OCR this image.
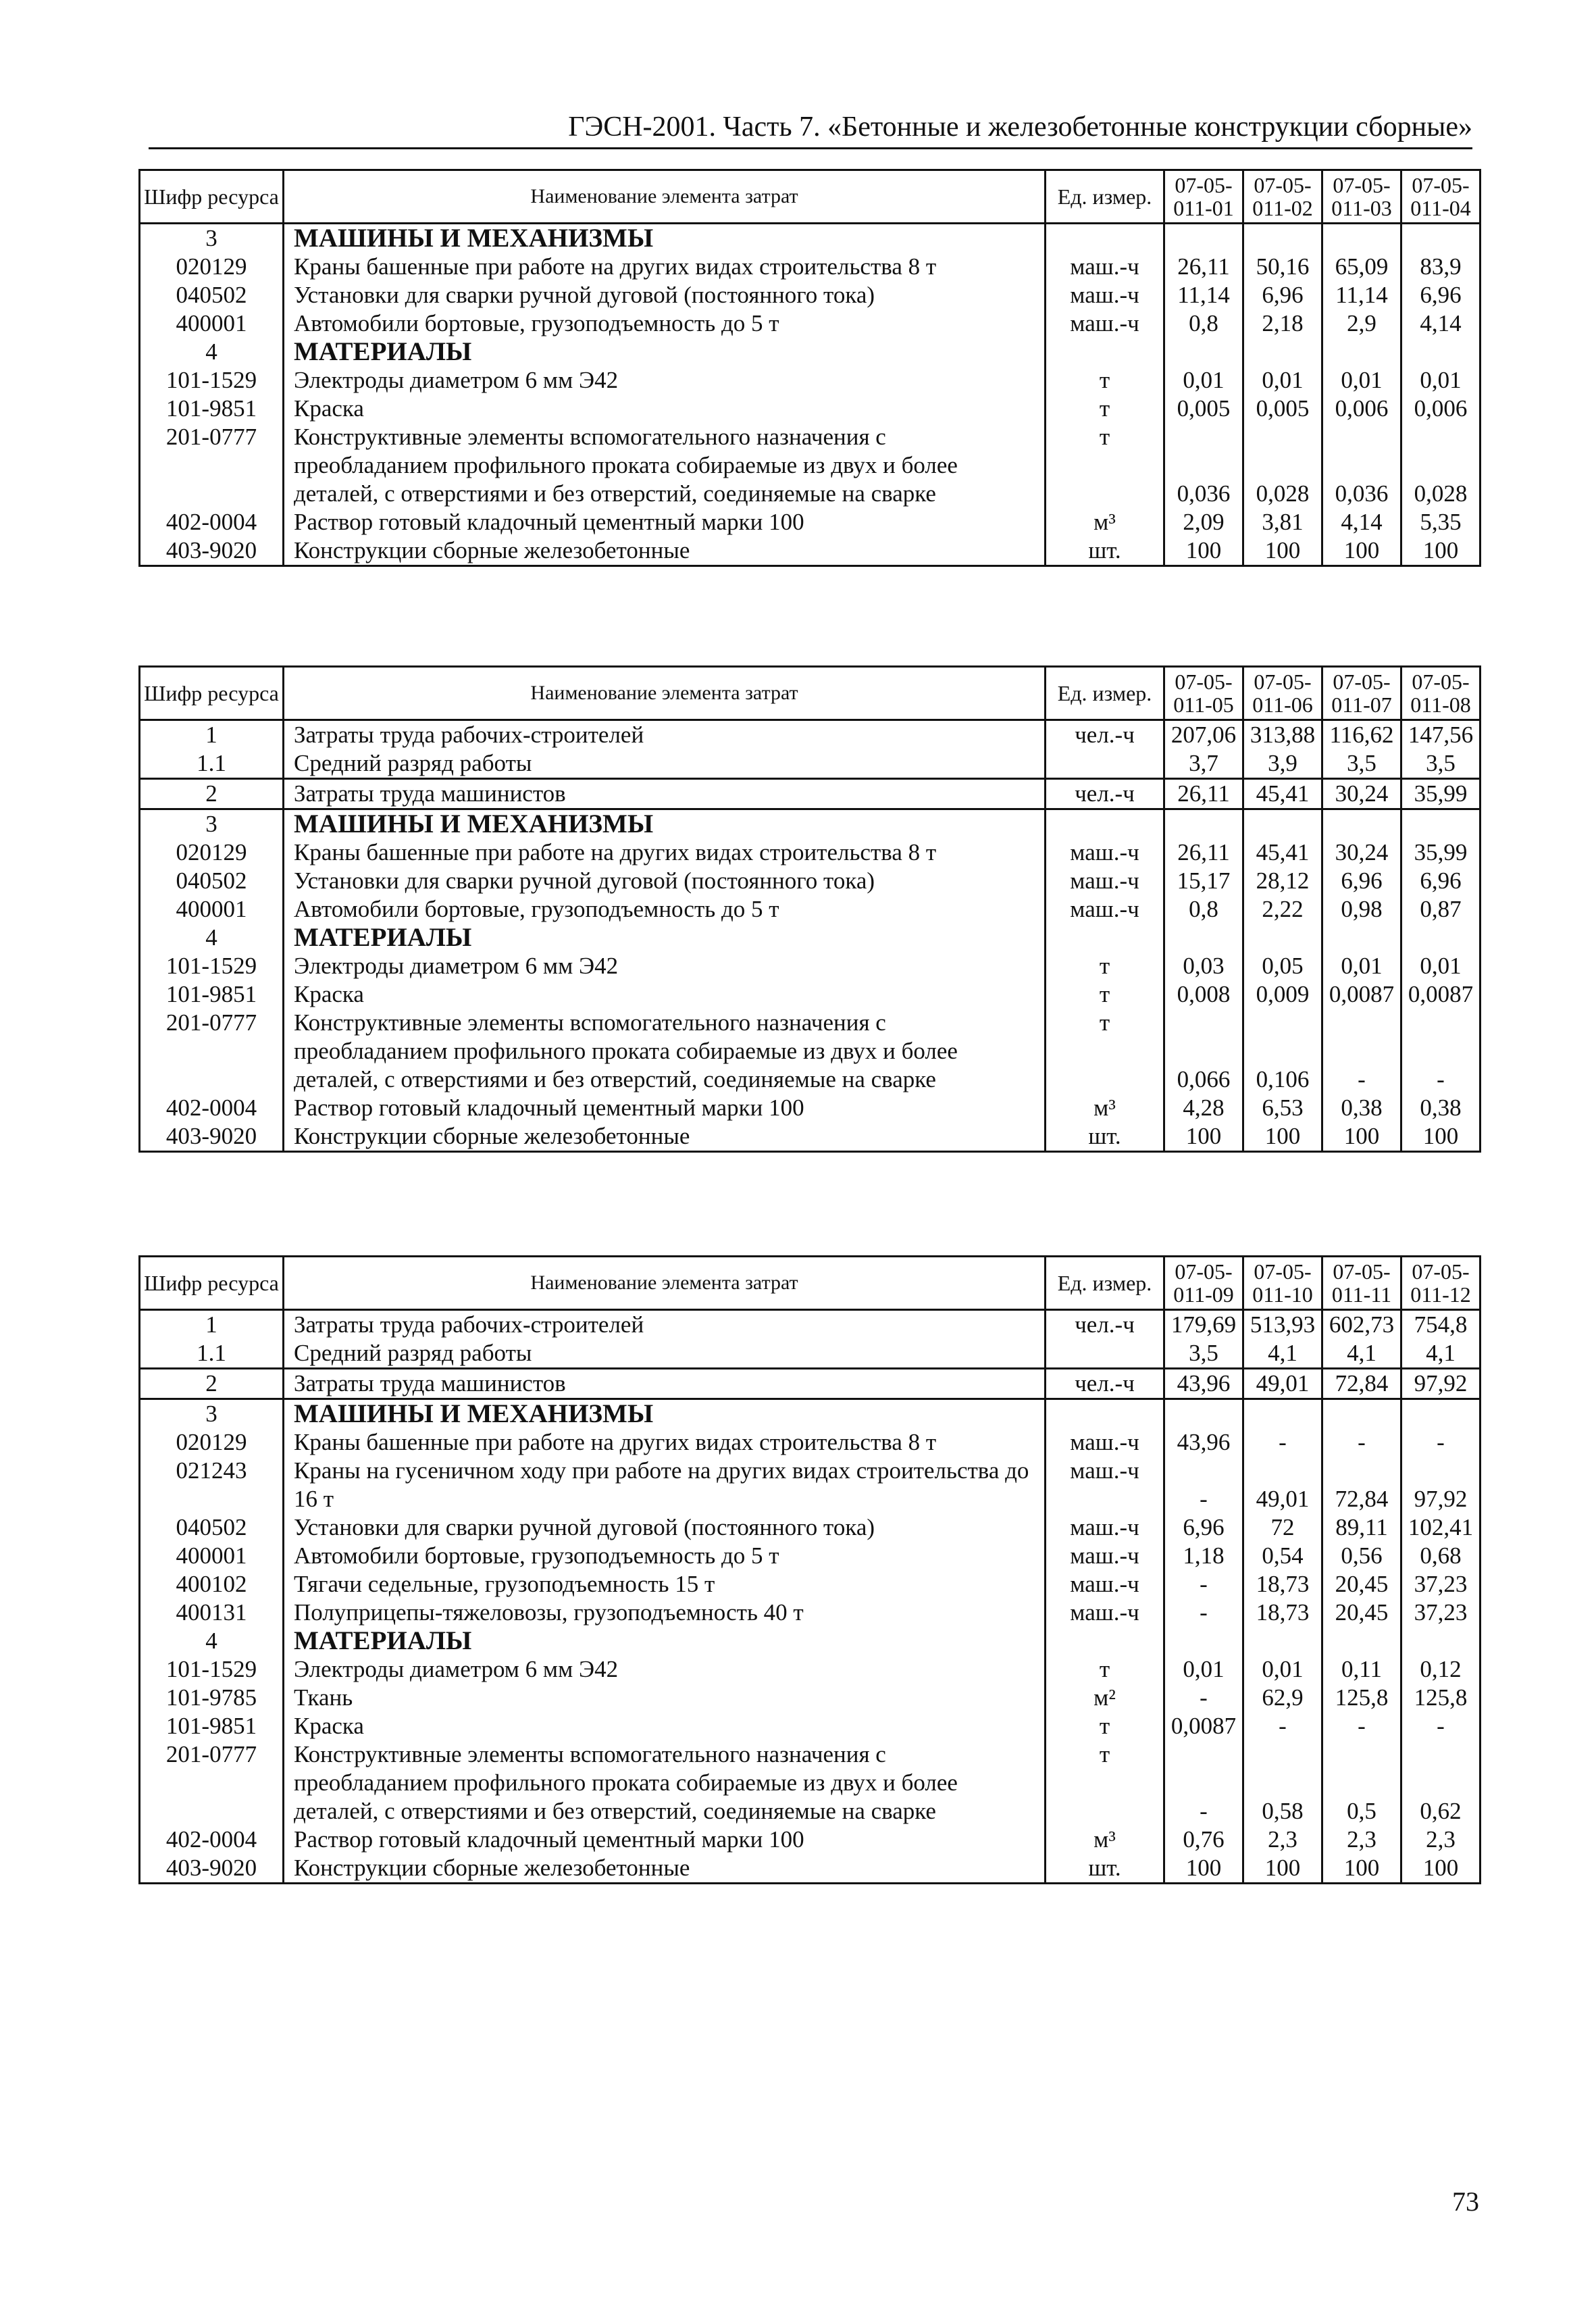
ГЭСН-2001. Часть 7. «Бетонные и железобетонные конструкции сборные»
Шифр ресурса	Наименование элемента затрат	Ед. измер.	07-05-011-01	07-05-011-02	07-05-011-03	07-05-011-04
3	МАШИНЫ И МЕХАНИЗМЫ					
020129	Краны башенные при работе на других видах строительства 8 т	маш.-ч	26,11	50,16	65,09	83,9
040502	Установки для сварки ручной дуговой (постоянного тока)	маш.-ч	11,14	6,96	11,14	6,96
400001	Автомобили бортовые, грузоподъемность до 5 т	маш.-ч	0,8	2,18	2,9	4,14
4	МАТЕРИАЛЫ					
101-1529	Электроды диаметром 6 мм Э42	т	0,01	0,01	0,01	0,01
101-9851	Краска	т	0,005	0,005	0,006	0,006
201-0777	Конструктивные элементы вспомогательного назначения с преобладанием профильного проката собираемые из двух и более деталей, с отверстиями и без отверстий, соединяемые на сварке	т	0,036	0,028	0,036	0,028
402-0004	Раствор готовый кладочный цементный марки 100	м³	2,09	3,81	4,14	5,35
403-9020	Конструкции сборные железобетонные	шт.	100	100	100	100
Шифр ресурса	Наименование элемента затрат	Ед. измер.	07-05-011-05	07-05-011-06	07-05-011-07	07-05-011-08
1	Затраты труда рабочих-строителей	чел.-ч	207,06	313,88	116,62	147,56
1.1	Средний разряд работы		3,7	3,9	3,5	3,5
2	Затраты труда машинистов	чел.-ч	26,11	45,41	30,24	35,99
3	МАШИНЫ И МЕХАНИЗМЫ					
020129	Краны башенные при работе на других видах строительства 8 т	маш.-ч	26,11	45,41	30,24	35,99
040502	Установки для сварки ручной дуговой (постоянного тока)	маш.-ч	15,17	28,12	6,96	6,96
400001	Автомобили бортовые, грузоподъемность до 5 т	маш.-ч	0,8	2,22	0,98	0,87
4	МАТЕРИАЛЫ					
101-1529	Электроды диаметром 6 мм Э42	т	0,03	0,05	0,01	0,01
101-9851	Краска	т	0,008	0,009	0,0087	0,0087
201-0777	Конструктивные элементы вспомогательного назначения с преобладанием профильного проката собираемые из двух и более деталей, с отверстиями и без отверстий, соединяемые на сварке	т	0,066	0,106	-	-
402-0004	Раствор готовый кладочный цементный марки 100	м³	4,28	6,53	0,38	0,38
403-9020	Конструкции сборные железобетонные	шт.	100	100	100	100
Шифр ресурса	Наименование элемента затрат	Ед. измер.	07-05-011-09	07-05-011-10	07-05-011-11	07-05-011-12
1	Затраты труда рабочих-строителей	чел.-ч	179,69	513,93	602,73	754,8
1.1	Средний разряд работы		3,5	4,1	4,1	4,1
2	Затраты труда машинистов	чел.-ч	43,96	49,01	72,84	97,92
3	МАШИНЫ И МЕХАНИЗМЫ					
020129	Краны башенные при работе на других видах строительства 8 т	маш.-ч	43,96	-	-	-
021243	Краны на гусеничном ходу при работе на других видах строительства до 16 т	маш.-ч	-	49,01	72,84	97,92
040502	Установки для сварки ручной дуговой (постоянного тока)	маш.-ч	6,96	72	89,11	102,41
400001	Автомобили бортовые, грузоподъемность до 5 т	маш.-ч	1,18	0,54	0,56	0,68
400102	Тягачи седельные, грузоподъемность 15 т	маш.-ч	-	18,73	20,45	37,23
400131	Полуприцепы-тяжеловозы, грузоподъемность 40 т	маш.-ч	-	18,73	20,45	37,23
4	МАТЕРИАЛЫ					
101-1529	Электроды диаметром 6 мм Э42	т	0,01	0,01	0,11	0,12
101-9785	Ткань	м²	-	62,9	125,8	125,8
101-9851	Краска	т	0,0087	-	-	-
201-0777	Конструктивные элементы вспомогательного назначения с преобладанием профильного проката собираемые из двух и более деталей, с отверстиями и без отверстий, соединяемые на сварке	т	-	0,58	0,5	0,62
402-0004	Раствор готовый кладочный цементный марки 100	м³	0,76	2,3	2,3	2,3
403-9020	Конструкции сборные железобетонные	шт.	100	100	100	100
73
